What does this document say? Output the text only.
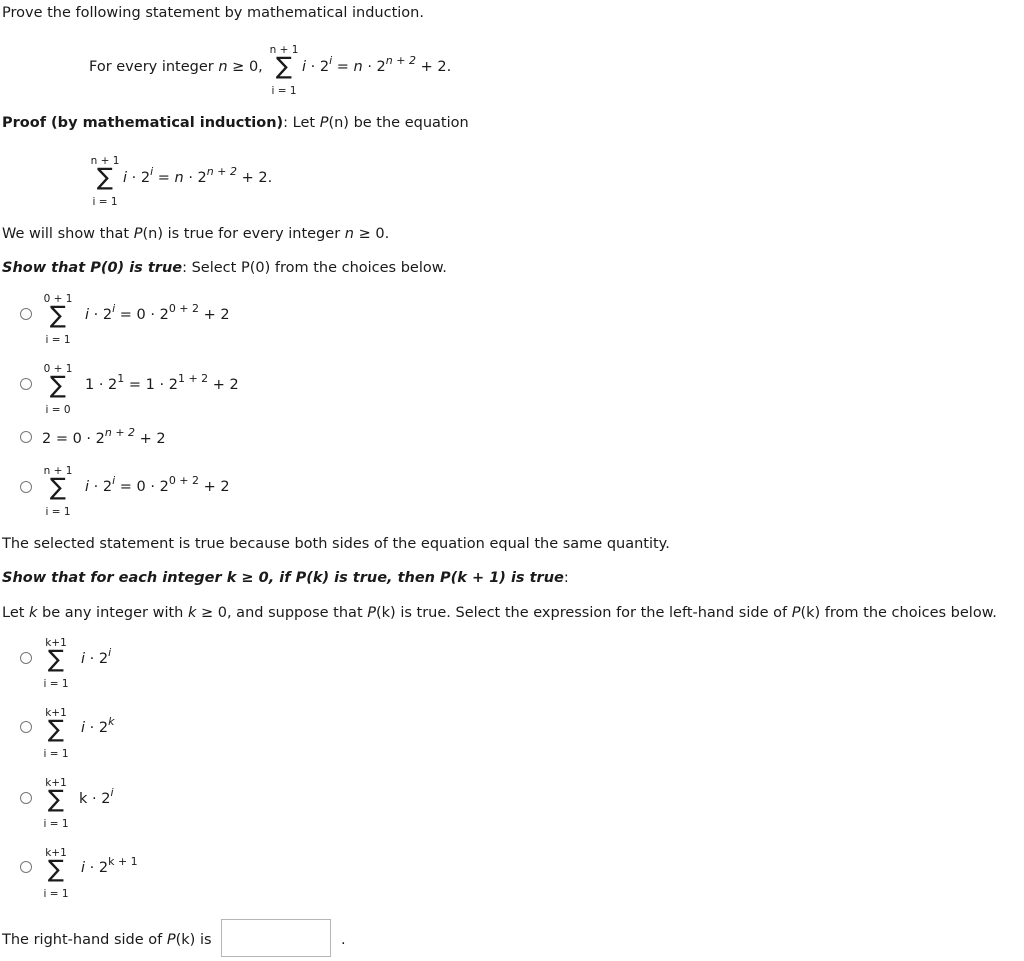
Prove the following statement by mathematical induction.
For every integer n ≥ 0,
n + 1
∑
i = 1
$i \cdot 2^i = n \cdot 2^{n + 2} + 2$.
Proof (by mathematical induction): Let P(n) be the equation
n + 1
∑
i = 1
$i \cdot 2^i = n \cdot 2^{n + 2} + 2$.
We will show that P(n) is true for every integer n ≥ 0.
Show that P(0) is true: Select P(0) from the choices below.
0 + 1
∑
i = 1
$i \cdot 2^i = 0 \cdot 2^{0 + 2} + 2$
0 + 1
∑
i = 0
$1 \cdot 2^1 = 1 \cdot 2^{1 + 2} + 2$
$2 = 0 \cdot 2^{n + 2} + 2$
n + 1
∑
i = 1
$i \cdot 2^i = 0 \cdot 2^{0 + 2} + 2$
The selected statement is true because both sides of the equation equal the same quantity.
Show that for each integer k ≥ 0, if P(k) is true, then P(k + 1) is true:
Let k be any integer with k ≥ 0, and suppose that P(k) is true. Select the expression for the left-hand side of P(k) from the choices below.
k+1
∑
i = 1
$i \cdot 2^i$
k+1
∑
i = 1
$i \cdot 2^k$
k+1
∑
i = 1
$k \cdot 2^i$
k+1
∑
i = 1
$i \cdot 2^{k + 1}$
The right-hand side of P(k) is	.
